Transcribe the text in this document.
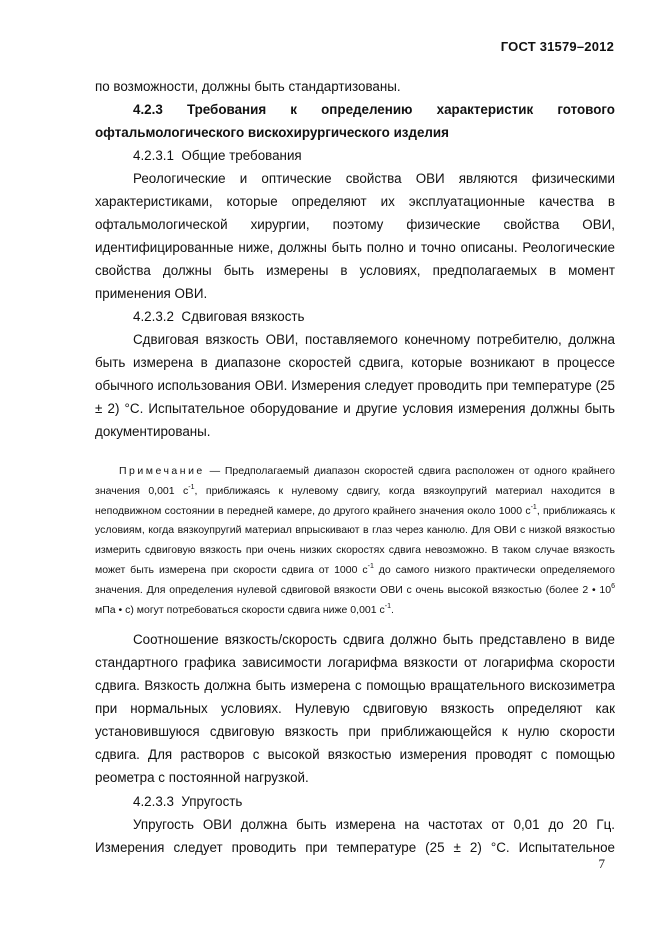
ГОСТ 31579–2012

по возможности, должны быть стандартизованы.

4.2.3 Требования к определению характеристик готового

офтальмологического вискохирургического изделия

4.2.3.1 Общие требования

Реологические и оптические свойства ОВИ являются физическими характеристиками, которые определяют их эксплуатационные качества в офтальмологической хирургии, поэтому физические свойства ОВИ, идентифицированные ниже, должны быть полно и точно описаны. Реологические свойства должны быть измерены в условиях, предполагаемых в момент применения ОВИ.

4.2.3.2 Сдвиговая вязкость

Сдвиговая вязкость ОВИ, поставляемого конечному потребителю, должна быть измерена в диапазоне скоростей сдвига, которые возникают в процессе обычного использования ОВИ. Измерения следует проводить при температуре (25 ± 2) °С. Испытательное оборудование и другие условия измерения должны быть документированы.

Примечание — Предполагаемый диапазон скоростей сдвига расположен от одного крайнего значения 0,001 $с^{-1}$, приближаясь к нулевому сдвигу, когда вязкоупругий материал находится в неподвижном состоянии в передней камере, до другого крайнего значения около 1000 $с^{-1}$, приближаясь к условиям, когда вязкоупругий материал впрыскивают в глаз через канюлю. Для ОВИ с низкой вязкостью измерить сдвиговую вязкость при очень низких скоростях сдвига невозможно. В таком случае вязкость может быть измерена при скорости сдвига от 1000 $с^{-1}$ до самого низкого практически определяемого значения. Для определения нулевой сдвиговой вязкости ОВИ с очень высокой вязкостью (более 2 • $10^6$ мПа • с) могут потребоваться скорости сдвига ниже 0,001 $с^{-1}$.

Соотношение вязкость/скорость сдвига должно быть представлено в виде стандартного графика зависимости логарифма вязкости от логарифма скорости сдвига. Вязкость должна быть измерена с помощью вращательного вискозиметра при нормальных условиях. Нулевую сдвиговую вязкость определяют как установившуюся сдвиговую вязкость при приближающейся к нулю скорости сдвига. Для растворов с высокой вязкостью измерения проводят с помощью реометра с постоянной нагрузкой.

4.2.3.3 Упругость

Упругость ОВИ должна быть измерена на частотах от 0,01 до 20 Гц. Измерения следует проводить при температуре (25 ± 2) °С. Испытательное

7
